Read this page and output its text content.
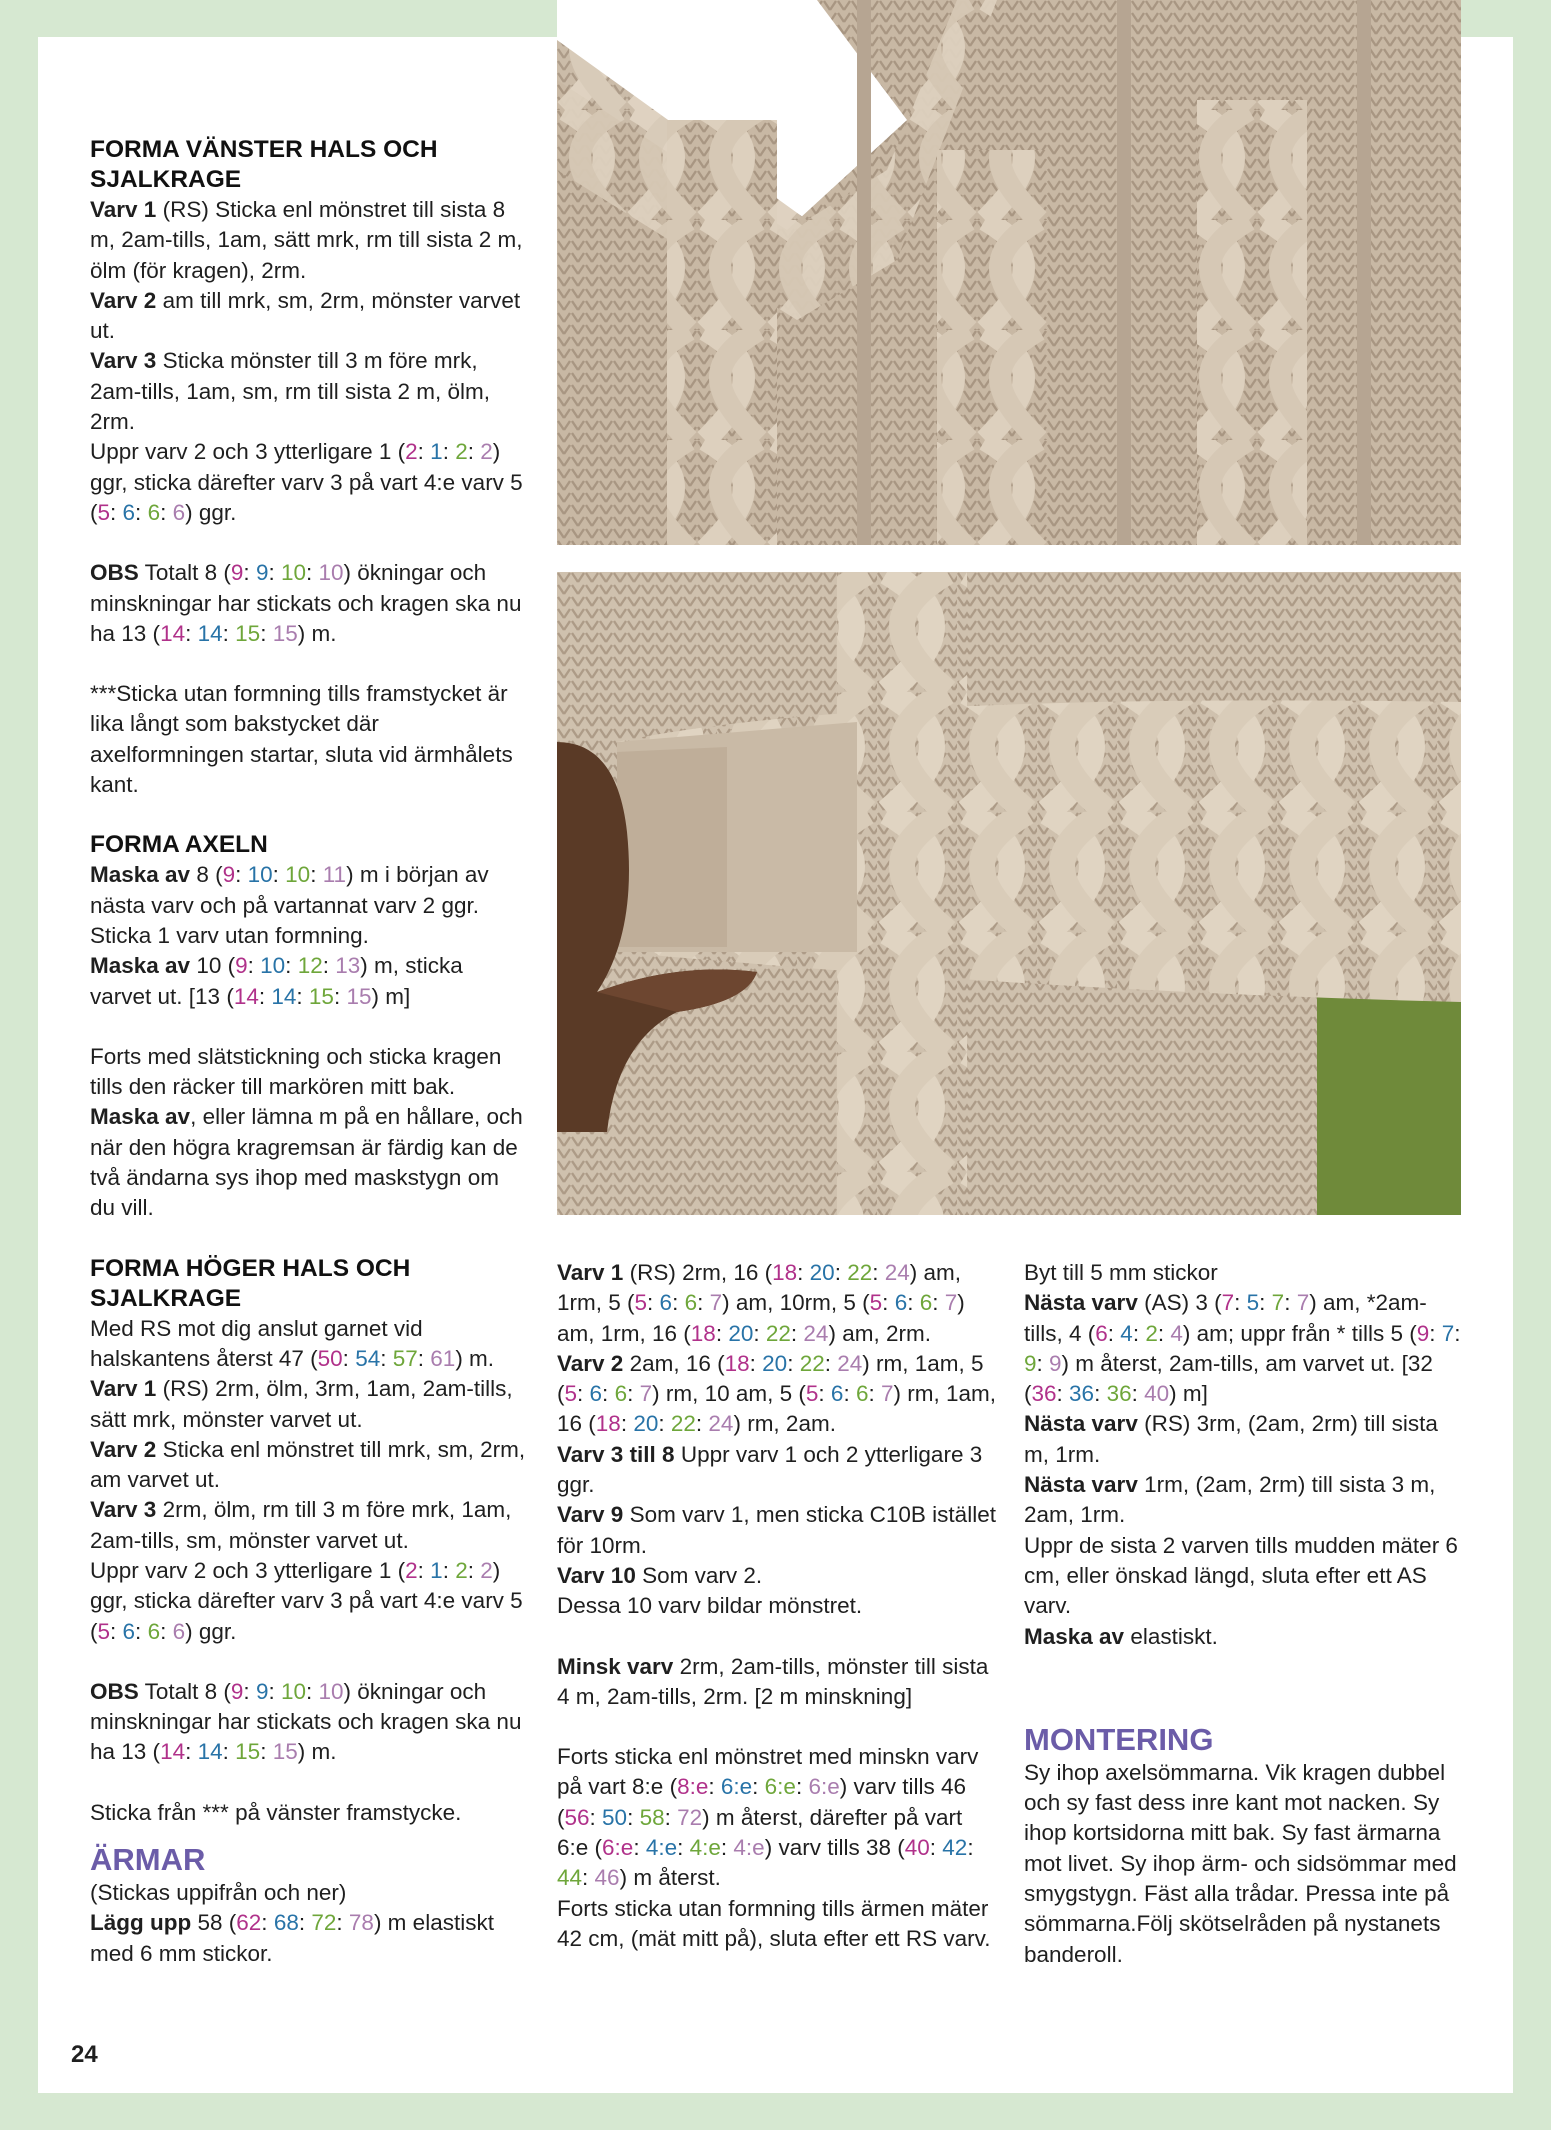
FORMA VÄNSTER HALS OCH SJALKRAGE

Varv 1 (RS) Sticka enl mönstret till sista 8 m, 2am-tills, 1am, sätt mrk, rm till sista 2 m, ölm (för kragen), 2rm.

Varv 2 am till mrk, sm, 2rm, mönster varvet ut.

Varv 3 Sticka mönster till 3 m före mrk, 2am-tills, 1am, sm, rm till sista 2 m, ölm, 2rm.

Uppr varv 2 och 3 ytterligare 1 (2: 1: 2: 2) ggr, sticka därefter varv 3 på vart 4:e varv 5 (5: 6: 6: 6) ggr.

OBS Totalt 8 (9: 9: 10: 10) ökningar och minskningar har stickats och kragen ska nu ha 13 (14: 14: 15: 15) m.

***Sticka utan formning tills framstycket är lika långt som bakstycket där axelformningen startar, sluta vid ärmhålets kant.

FORMA AXELN

Maska av 8 (9: 10: 10: 11) m i början av nästa varv och på vartannat varv 2 ggr. Sticka 1 varv utan formning.

Maska av 10 (9: 10: 12: 13) m, sticka varvet ut. [13 (14: 14: 15: 15) m]

Forts med slätstickning och sticka kragen tills den räcker till markören mitt bak. Maska av, eller lämna m på en hållare, och när den högra kragremsan är färdig kan de två ändarna sys ihop med maskstygn om du vill.

FORMA HÖGER HALS OCH SJALKRAGE

Med RS mot dig anslut garnet vid halskantens återst 47 (50: 54: 57: 61) m.

Varv 1 (RS) 2rm, ölm, 3rm, 1am, 2am-tills, sätt mrk, mönster varvet ut.

Varv 2 Sticka enl mönstret till mrk, sm, 2rm, am varvet ut.

Varv 3 2rm, ölm, rm till 3 m före mrk, 1am, 2am-tills, sm, mönster varvet ut.

Uppr varv 2 och 3 ytterligare 1 (2: 1: 2: 2) ggr, sticka därefter varv 3 på vart 4:e varv 5 (5: 6: 6: 6) ggr.

OBS Totalt 8 (9: 9: 10: 10) ökningar och minskningar har stickats och kragen ska nu ha 13 (14: 14: 15: 15) m.

Sticka från *** på vänster framstycke.

ÄRMAR

(Stickas uppifrån och ner)

Lägg upp 58 (62: 68: 72: 78) m elastiskt med 6 mm stickor.

Varv 1 (RS) 2rm, 16 (18: 20: 22: 24) am, 1rm, 5 (5: 6: 6: 7) am, 10rm, 5 (5: 6: 6: 7) am, 1rm, 16 (18: 20: 22: 24) am, 2rm.

Varv 2 2am, 16 (18: 20: 22: 24) rm, 1am, 5 (5: 6: 6: 7) rm, 10 am, 5 (5: 6: 6: 7) rm, 1am, 16 (18: 20: 22: 24) rm, 2am.

Varv 3 till 8 Uppr varv 1 och 2 ytterligare 3 ggr.

Varv 9 Som varv 1, men sticka C10B istället för 10rm.

Varv 10 Som varv 2.

Dessa 10 varv bildar mönstret.

Minsk varv 2rm, 2am-tills, mönster till sista 4 m, 2am-tills, 2rm. [2 m minskning]

Forts sticka enl mönstret med minskn varv på vart 8:e (8:e: 6:e: 6:e: 6:e) varv tills 46 (56: 50: 58: 72) m återst, därefter på vart 6:e (6:e: 4:e: 4:e: 4:e) varv tills 38 (40: 42: 44: 46) m återst.

Forts sticka utan formning tills ärmen mäter 42 cm, (mät mitt på), sluta efter ett RS varv.

Byt till 5 mm stickor

Nästa varv (AS) 3 (7: 5: 7: 7) am, *2am-tills, 4 (6: 4: 2: 4) am; uppr från * tills 5 (9: 7: 9: 9) m återst, 2am-tills, am varvet ut. [32 (36: 36: 36: 40) m]

Nästa varv (RS) 3rm, (2am, 2rm) till sista m, 1rm.

Nästa varv 1rm, (2am, 2rm) till sista 3 m, 2am, 1rm.

Uppr de sista 2 varven tills mudden mäter 6 cm, eller önskad längd, sluta efter ett AS varv.

Maska av elastiskt.

MONTERING

Sy ihop axelsömmarna. Vik kragen dubbel och sy fast dess inre kant mot nacken. Sy ihop kortsidorna mitt bak. Sy fast ärmarna mot livet. Sy ihop ärm- och sidsömmar med smygstygn. Fäst alla trådar. Pressa inte på sömmarna.Följ skötselråden på nystanets banderoll.

24
